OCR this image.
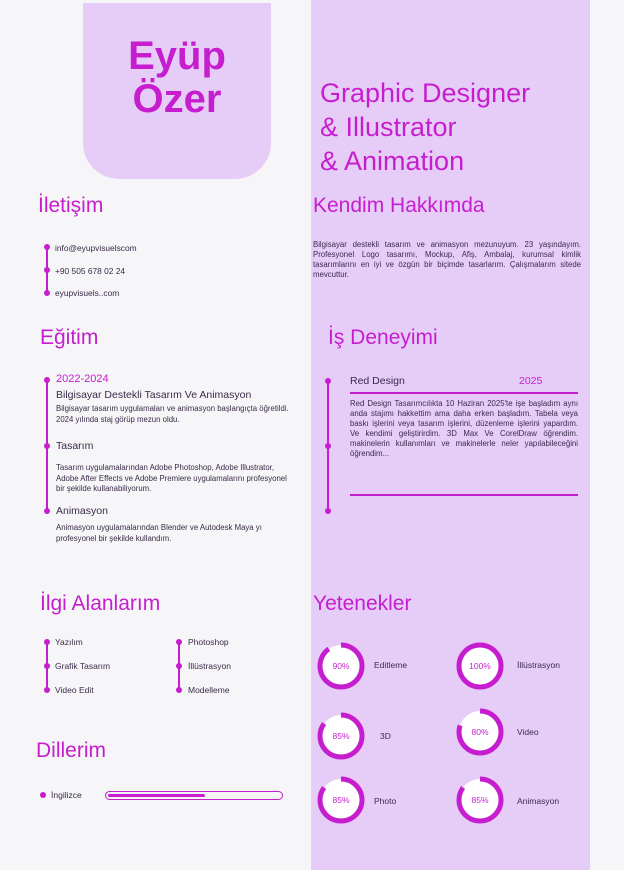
Eyüp
Özer	Graphic Designer
& Illustrator
& Animation
İletişim
info@eyupvisuelscom
+90 505 678 02 24
eyupvisuels..com
Kendim Hakkımda
Bilgisayar destekli tasarım ve animasyon mezunuyum. 23 yaşındayım. Profesyonel Logo tasarımı, Mockup, Afiş, Ambalaj, kurumsal kimlik tasarımlarını en iyi ve özgün bir biçimde tasarlarım. Çalışmalarım sitede mevcuttur.
Eğitim
2022-2024
Bilgisayar Destekli Tasarım Ve Animasyon
Bilgisayar tasarım uygulamaları ve animasyon başlangıçta öğretildi. 2024 yılında staj görüp mezun oldu.
Tasarım
Tasarım uygulamalarından Adobe Photoshop, Adobe Illustrator, Adobe After Effects ve Adobe Premiere uygulamalarını profesyonel bir şekilde kullanabiliyorum.
Animasyon
Animasyon uygulamalarından Blender ve Autodesk Maya yı profesyonel bir şekilde kullandım.
İş Deneyimi
Red Design	2025
Red Design Tasarımcılıkta 10 Haziran 2025'te işe başladım aynı anda stajımı hakkettim ama daha erken başladım. Tabela veya baskı işlerini veya tasarım işlerini, düzenleme işlerini yapardım. Ve kendimi geliştirirdim. 3D Max Ve CorelDraw öğrendim. makinelerin kullanımları ve makinelerle neler yapılabileceğini öğrendim...
İlgi Alanlarım
Yazılım
Grafik Tasarım
Video Edit
Photoshop
İllüstrasyon
Modelleme
Dillerim
İngilizce
Yetenekler
90%	Editleme	100%	İllüstrasyon
85%	3D	80%	Video
85%	Photo	85%	Animasyon
